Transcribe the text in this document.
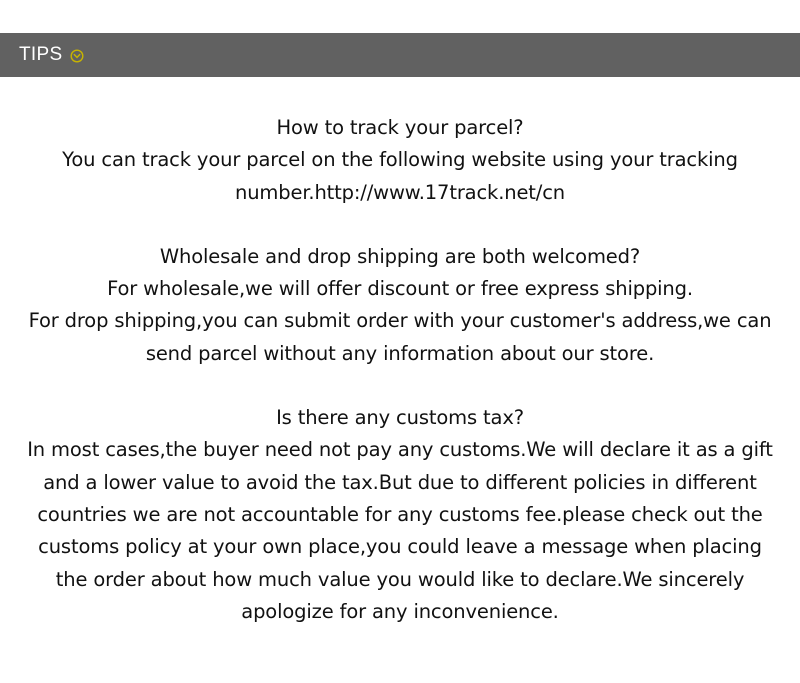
TIPS
How to track your parcel?
You can track your parcel on the following website using your tracking
number.http://www.17track.net/cn
Wholesale and drop shipping are both welcomed?
For wholesale,we will offer discount or free express shipping.
For drop shipping,you can submit order with your customer's address,we can
send parcel without any information about our store.
Is there any customs tax?
In most cases,the buyer need not pay any customs.We will declare it as a gift
and a lower value to avoid the tax.But due to different policies in different
countries we are not accountable for any customs fee.please check out the
customs policy at your own place,you could leave a message when placing
the order about how much value you would like to declare.We sincerely
apologize for any inconvenience.
